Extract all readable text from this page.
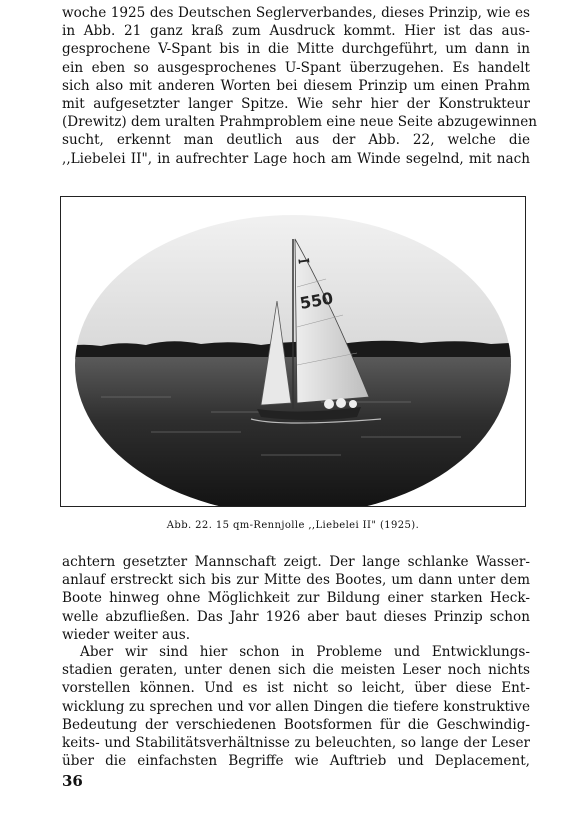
woche 1925 des Deutschen Seglerverbandes, dieses Prinzip, wie es
in Abb. 21 ganz kraß zum Ausdruck kommt. Hier ist das aus-
gesprochene V-Spant bis in die Mitte durchgeführt, um dann in
ein eben so ausgesprochenes U-Spant überzugehen. Es handelt
sich also mit anderen Worten bei diesem Prinzip um einen Prahm
mit aufgesetzter langer Spitze. Wie sehr hier der Konstrukteur
(Drewitz) dem uralten Prahmproblem eine neue Seite abzugewinnen
sucht, erkennt man deutlich aus der Abb. 22, welche die
,,Liebelei II", in aufrechter Lage hoch am Winde segelnd, mit nach
ꟷ
550
Abb. 22. 15 qm-Rennjolle ,,Liebelei II" (1925).
achtern gesetzter Mannschaft zeigt. Der lange schlanke Wasser-
anlauf erstreckt sich bis zur Mitte des Bootes, um dann unter dem
Boote hinweg ohne Möglichkeit zur Bildung einer starken Heck-
welle abzufließen. Das Jahr 1926 aber baut dieses Prinzip schon
wieder weiter aus.
Aber wir sind hier schon in Probleme und Entwicklungs-
stadien geraten, unter denen sich die meisten Leser noch nichts
vorstellen können. Und es ist nicht so leicht, über diese Ent-
wicklung zu sprechen und vor allen Dingen die tiefere konstruktive
Bedeutung der verschiedenen Bootsformen für die Geschwindig-
keits- und Stabilitätsverhältnisse zu beleuchten, so lange der Leser
über die einfachsten Begriffe wie Auftrieb und Deplacement,
36
